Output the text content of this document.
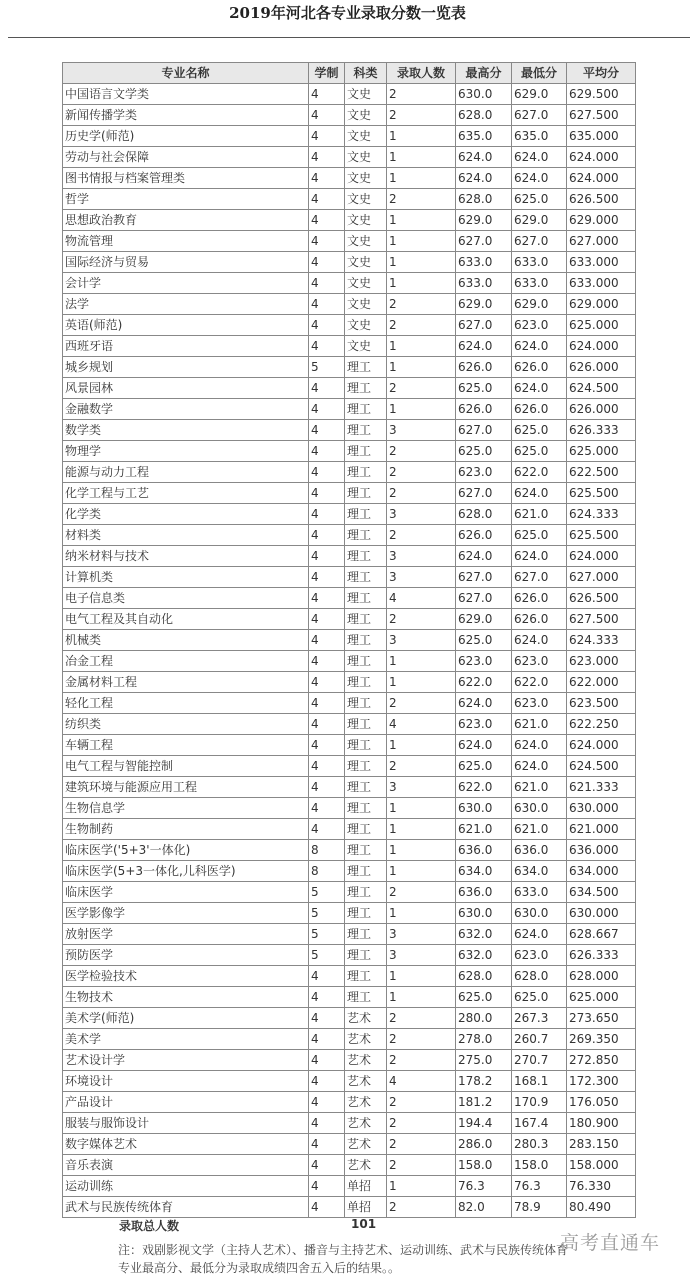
2019年河北各专业录取分数一览表
专业名称	学制	科类	录取人数	最高分	最低分	平均分
中国语言文学类	4	文史	2	630.0	629.0	629.500
新闻传播学类	4	文史	2	628.0	627.0	627.500
历史学(师范)	4	文史	1	635.0	635.0	635.000
劳动与社会保障	4	文史	1	624.0	624.0	624.000
图书情报与档案管理类	4	文史	1	624.0	624.0	624.000
哲学	4	文史	2	628.0	625.0	626.500
思想政治教育	4	文史	1	629.0	629.0	629.000
物流管理	4	文史	1	627.0	627.0	627.000
国际经济与贸易	4	文史	1	633.0	633.0	633.000
会计学	4	文史	1	633.0	633.0	633.000
法学	4	文史	2	629.0	629.0	629.000
英语(师范)	4	文史	2	627.0	623.0	625.000
西班牙语	4	文史	1	624.0	624.0	624.000
城乡规划	5	理工	1	626.0	626.0	626.000
风景园林	4	理工	2	625.0	624.0	624.500
金融数学	4	理工	1	626.0	626.0	626.000
数学类	4	理工	3	627.0	625.0	626.333
物理学	4	理工	2	625.0	625.0	625.000
能源与动力工程	4	理工	2	623.0	622.0	622.500
化学工程与工艺	4	理工	2	627.0	624.0	625.500
化学类	4	理工	3	628.0	621.0	624.333
材料类	4	理工	2	626.0	625.0	625.500
纳米材料与技术	4	理工	3	624.0	624.0	624.000
计算机类	4	理工	3	627.0	627.0	627.000
电子信息类	4	理工	4	627.0	626.0	626.500
电气工程及其自动化	4	理工	2	629.0	626.0	627.500
机械类	4	理工	3	625.0	624.0	624.333
冶金工程	4	理工	1	623.0	623.0	623.000
金属材料工程	4	理工	1	622.0	622.0	622.000
轻化工程	4	理工	2	624.0	623.0	623.500
纺织类	4	理工	4	623.0	621.0	622.250
车辆工程	4	理工	1	624.0	624.0	624.000
电气工程与智能控制	4	理工	2	625.0	624.0	624.500
建筑环境与能源应用工程	4	理工	3	622.0	621.0	621.333
生物信息学	4	理工	1	630.0	630.0	630.000
生物制药	4	理工	1	621.0	621.0	621.000
临床医学('5+3'一体化)	8	理工	1	636.0	636.0	636.000
临床医学(5+3一体化,儿科医学)	8	理工	1	634.0	634.0	634.000
临床医学	5	理工	2	636.0	633.0	634.500
医学影像学	5	理工	1	630.0	630.0	630.000
放射医学	5	理工	3	632.0	624.0	628.667
预防医学	5	理工	3	632.0	623.0	626.333
医学检验技术	4	理工	1	628.0	628.0	628.000
生物技术	4	理工	1	625.0	625.0	625.000
美术学(师范)	4	艺术	2	280.0	267.3	273.650
美术学	4	艺术	2	278.0	260.7	269.350
艺术设计学	4	艺术	2	275.0	270.7	272.850
环境设计	4	艺术	4	178.2	168.1	172.300
产品设计	4	艺术	2	181.2	170.9	176.050
服装与服饰设计	4	艺术	2	194.4	167.4	180.900
数字媒体艺术	4	艺术	2	286.0	280.3	283.150
音乐表演	4	艺术	2	158.0	158.0	158.000
运动训练	4	单招	1	76.3	76.3	76.330
武术与民族传统体育	4	单招	2	82.0	78.9	80.490
录取总人数	101
注：戏剧影视文学（主持人艺术）、播音与主持艺术、运动训练、武术与民族传统体育专业最高分、最低分为录取成绩四舍五入后的结果。。
高考直通车
